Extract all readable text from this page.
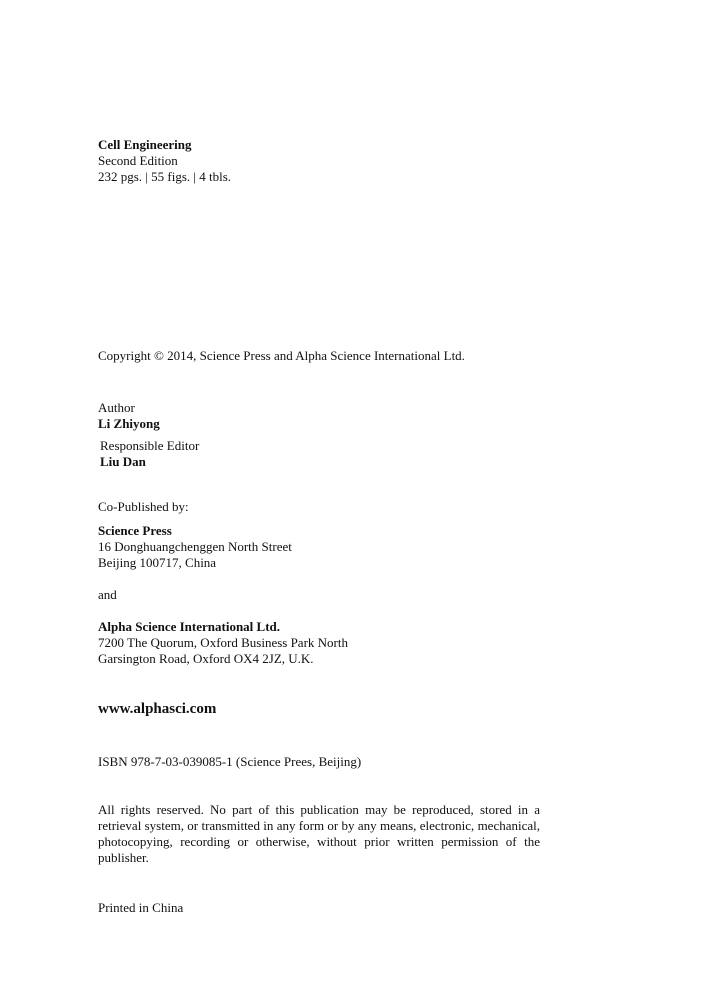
Cell Engineering
Second Edition
232 pgs. | 55 figs. | 4 tbls.
Copyright © 2014, Science Press and Alpha Science International Ltd.
Author
Li Zhiyong
Responsible Editor
Liu Dan
Co-Published by:
Science Press
16 Donghuangchenggen North Street
Beijing 100717, China
and
Alpha Science International Ltd.
7200 The Quorum, Oxford Business Park North
Garsington Road, Oxford OX4 2JZ, U.K.
www.alphasci.com
ISBN 978-7-03-039085-1 (Science Prees, Beijing)
All rights reserved. No part of this publication may be reproduced, stored in a retrieval system, or transmitted in any form or by any means, electronic, mechanical, photocopying, recording or otherwise, without prior written permission of the publisher.
Printed in China
